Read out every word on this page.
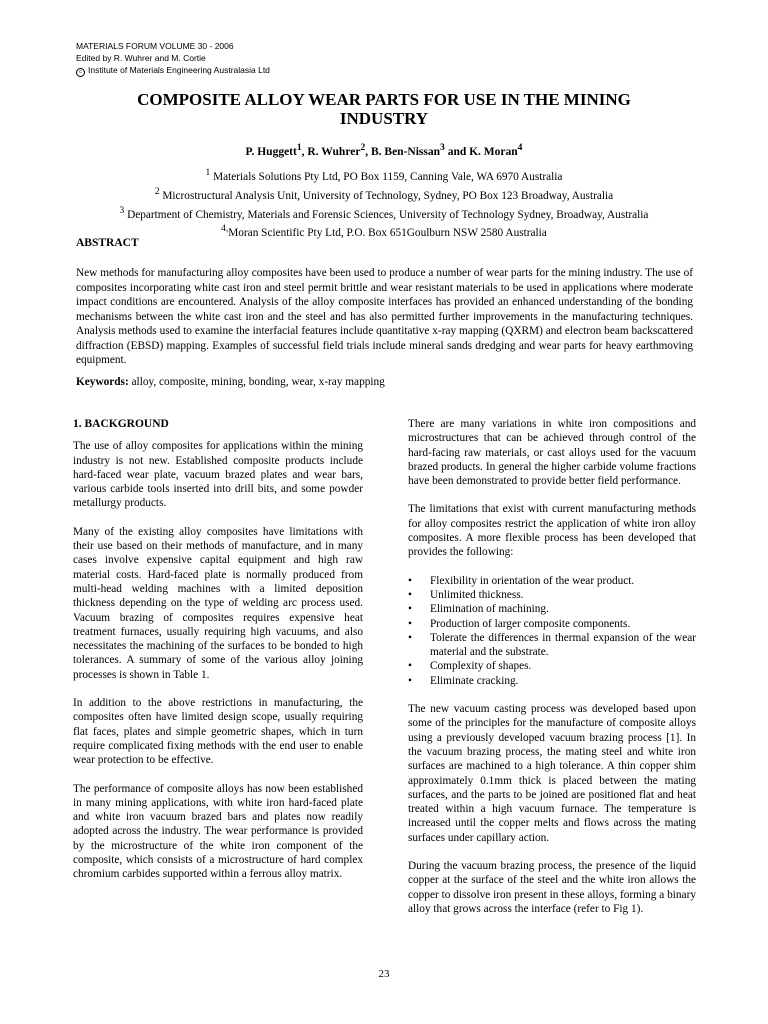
MATERIALS FORUM VOLUME 30 - 2006
Edited by R. Wuhrer and M. Cortie
c Institute of Materials Engineering Australasia Ltd
COMPOSITE ALLOY WEAR PARTS FOR USE IN THE MINING
INDUSTRY
P. Huggett$^1$, R. Wuhrer$^2$, B. Ben-Nissan$^3$ and K. Moran$^4$
$^1$ Materials Solutions Pty Ltd, PO Box 1159, Canning Vale, WA 6970 Australia
$^2$ Microstructural Analysis Unit, University of Technology, Sydney, PO Box 123 Broadway, Australia
$^3$ Department of Chemistry, Materials and Forensic Sciences, University of Technology Sydney, Broadway, Australia
$^{4,}$Moran Scientific Pty Ltd, P.O. Box 651Goulburn NSW 2580 Australia
ABSTRACT

New methods for manufacturing alloy composites have been used to produce a number of wear parts for the mining industry. The use of composites incorporating white cast iron and steel permit brittle and wear resistant materials to be used in applications where moderate impact conditions are encountered. Analysis of the alloy composite interfaces has provided an enhanced understanding of the bonding mechanisms between the white cast iron and the steel and has also permitted further improvements in the manufacturing techniques. Analysis methods used to examine the interfacial features include quantitative x-ray mapping (QXRM) and electron beam backscattered diffraction (EBSD) mapping. Examples of successful field trials include mineral sands dredging and wear parts for heavy earthmoving equipment.

Keywords: alloy, composite, mining, bonding, wear, x-ray mapping
1. BACKGROUND

The use of alloy composites for applications within the mining industry is not new. Established composite products include hard-faced wear plate, vacuum brazed plates and wear bars, various carbide tools inserted into drill bits, and some powder metallurgy products.

Many of the existing alloy composites have limitations with their use based on their methods of manufacture, and in many cases involve expensive capital equipment and high raw material costs. Hard-faced plate is normally produced from multi-head welding machines with a limited deposition thickness depending on the type of welding arc process used. Vacuum brazing of composites requires expensive heat treatment furnaces, usually requiring high vacuums, and also necessitates the machining of the surfaces to be bonded to high tolerances. A summary of some of the various alloy joining processes is shown in Table 1.

In addition to the above restrictions in manufacturing, the composites often have limited design scope, usually requiring flat faces, plates and simple geometric shapes, which in turn require complicated fixing methods with the end user to enable wear protection to be effective.

The performance of composite alloys has now been established in many mining applications, with white iron hard-faced plate and white iron vacuum brazed bars and plates now readily adopted across the industry. The wear performance is provided by the microstructure of the white iron component of the composite, which consists of a microstructure of hard complex chromium carbides supported within a ferrous alloy matrix.

There are many variations in white iron compositions and microstructures that can be achieved through control of the hard-facing raw materials, or cast alloys used for the vacuum brazed products. In general the higher carbide volume fractions have been demonstrated to provide better field performance.

The limitations that exist with current manufacturing methods for alloy composites restrict the application of white iron alloy composites. A more flexible process has been developed that provides the following:

• Flexibility in orientation of the wear product.
• Unlimited thickness.
• Elimination of machining.
• Production of larger composite components.
• Tolerate the differences in thermal expansion of the wear material and the substrate.
• Complexity of shapes.
• Eliminate cracking.

The new vacuum casting process was developed based upon some of the principles for the manufacture of composite alloys using a previously developed vacuum brazing process [1]. In the vacuum brazing process, the mating steel and white iron surfaces are machined to a high tolerance. A thin copper shim approximately 0.1mm thick is placed between the mating surfaces, and the parts to be joined are positioned flat and heat treated within a high vacuum furnace. The temperature is increased until the copper melts and flows across the mating surfaces under capillary action.

During the vacuum brazing process, the presence of the liquid copper at the surface of the steel and the white iron allows the copper to dissolve iron present in these alloys, forming a binary alloy that grows across the interface (refer to Fig 1).

23
